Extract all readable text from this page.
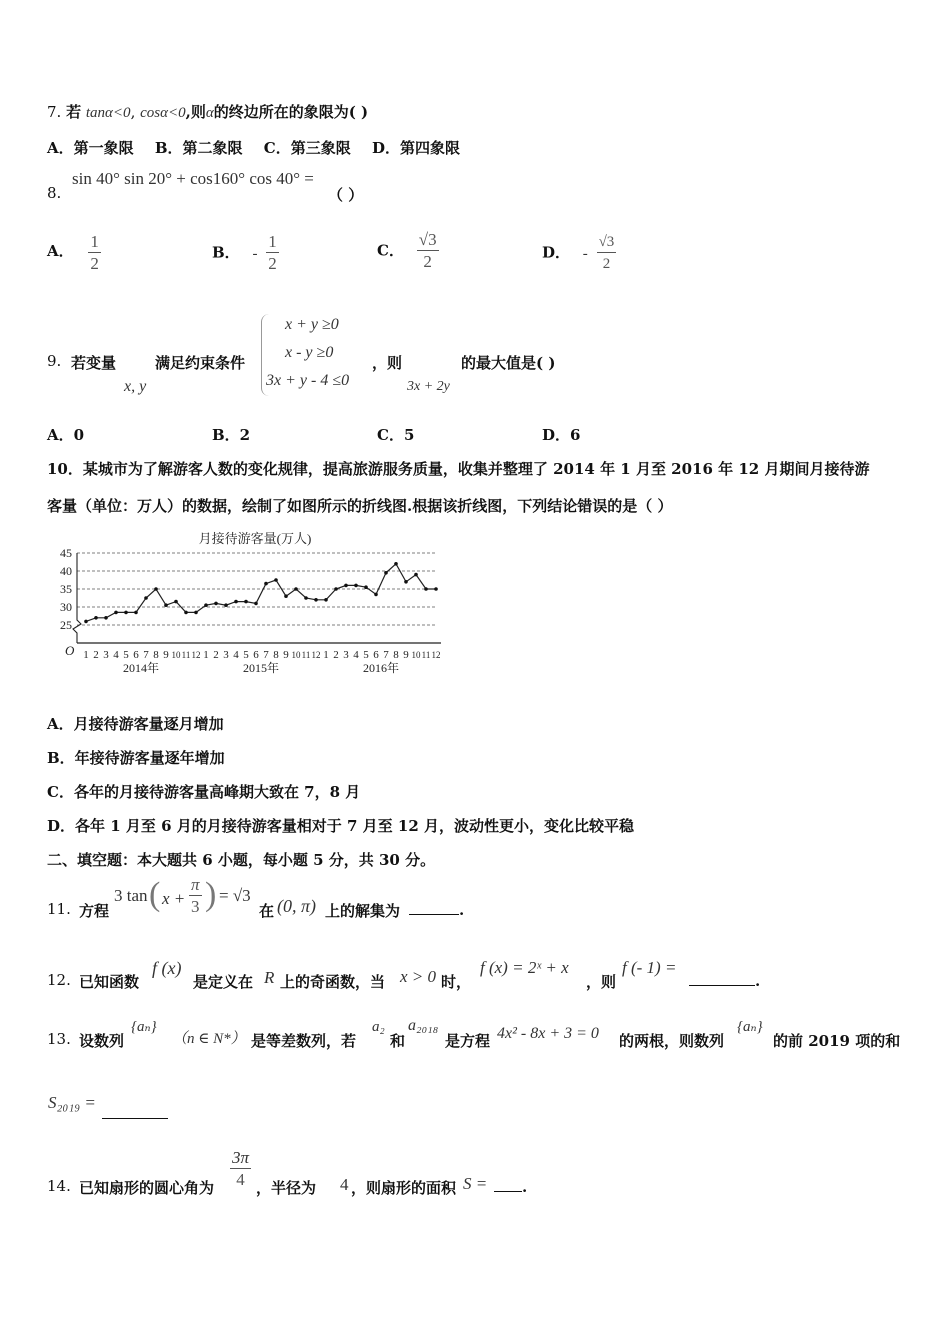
7. 若 tanα<0, cosα<0,则α的终边所在的象限为( )
A．第一象限 B．第二象限 C．第三象限 D．第四象限
8.
sin 40° sin 20° + cos160° cos 40° =
（ ）
A． $\frac{1}{2}$	B． - $\frac{1}{2}$	C． $\frac{√3}{2}$	D． - $\frac{√3}{2}$
9. 若变量
x, y
满足约束条件
x + y ≥0
x - y ≥0
3x + y - 4 ≤0
，则
3x + 2y
的最大值是( )
A．0	B．2	C．5	D．6
10．某城市为了解游客人数的变化规律，提高旅游服务质量，收集并整理了 2014 年 1 月至 2016 年 12 月期间月接待游
客量（单位：万人）的数据，绘制了如图所示的折线图.根据该折线图，下列结论错误的是（ ）
月接待游客量(万人)
25
30
35
40
45
O 1 2 3 4 5 6 7 8 9 10 11 12 1 2 3 4 5 6 7 8 9 10 11 12 1 2 3 4 5 6 7 8 9 10 11 12
2014年	2015年	2016年
A．月接待游客量逐月增加
B．年接待游客量逐年增加
C．各年的月接待游客量高峰期大致在 7，8 月
D．各年 1 月至 6 月的月接待游客量相对于 7 月至 12 月，波动性更小，变化比较平稳
二、填空题：本大题共 6 小题，每小题 5 分，共 30 分。
11. 方程
3 tan ( $x + \frac{\pi}{3}$ ) = √3
在 (0, π) 上的解集为	.
12. 已知函数
f (x)
是定义在 R 上的奇函数，当 x > 0 时，
f (x) = 2ˣ + x
，则
f (- 1) =
.
13. 设数列
{aₙ}
（n ∈ N*） 是等差数列，若
a₂
和
a₂₀₁₈
是方程 4x² - 8x + 3 = 0 的两根，则数列
{aₙ}
的前 2019 项的和
S₂₀₁₉ =
14. 已知扇形的圆心角为 $\frac{3\pi}{4}$ ，半径为 4 ，则扇形的面积 S =	.
